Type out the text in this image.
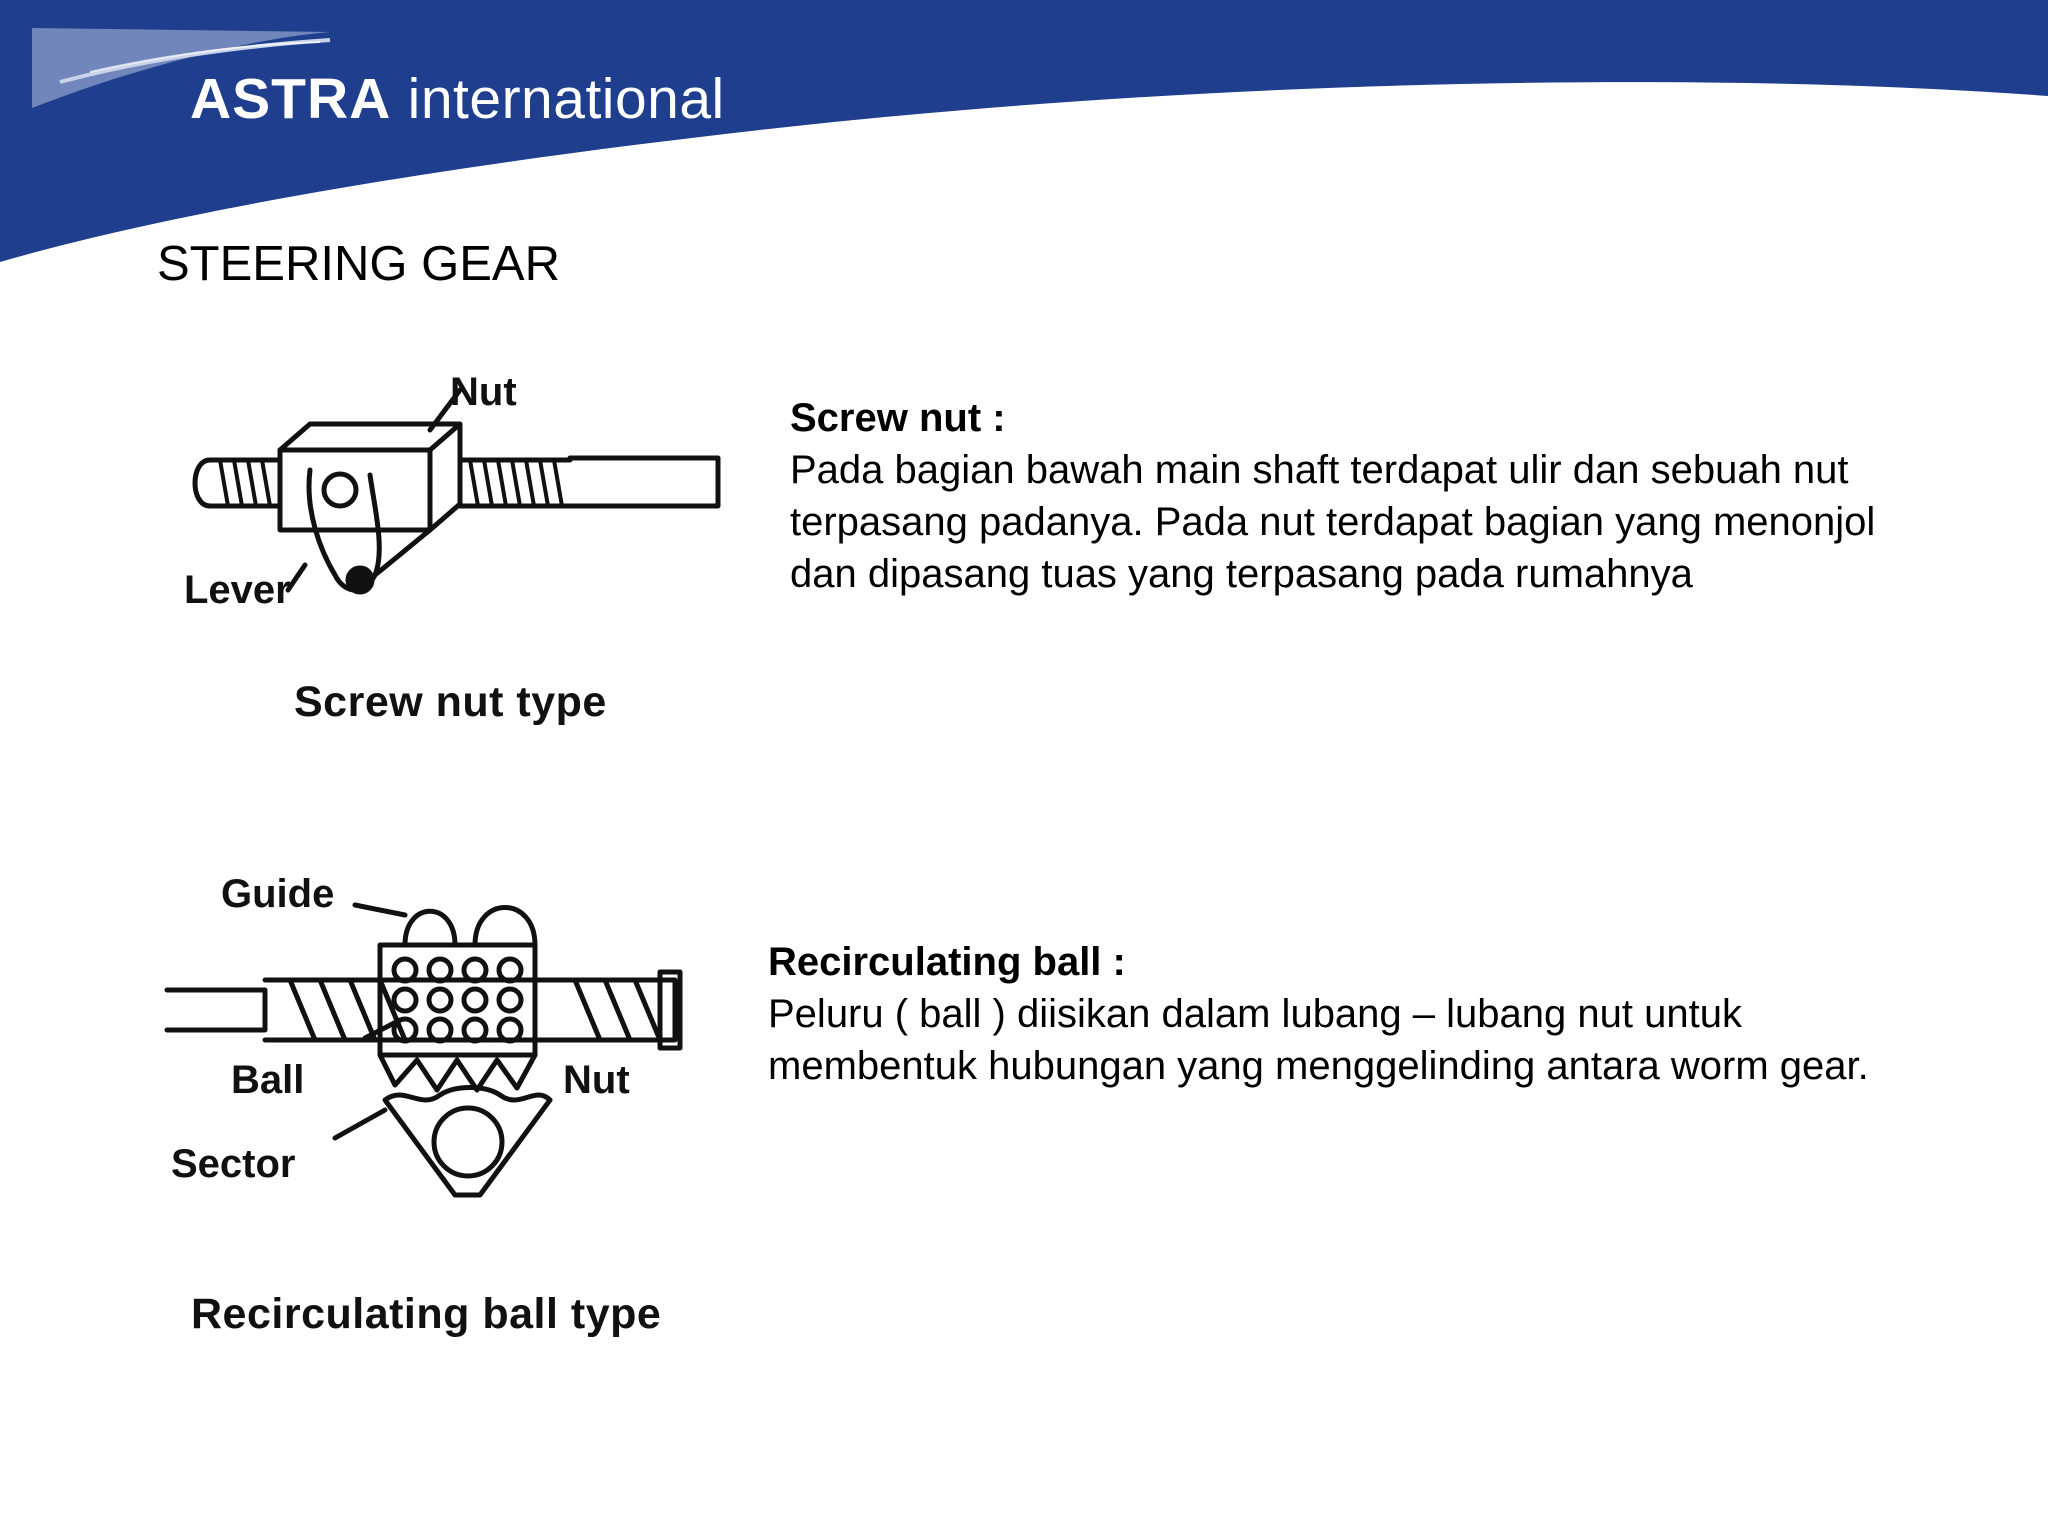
ASTRA international
STEERING GEAR
Nut
Lever
Screw nut type
Screw nut :
Pada bagian bawah main shaft terdapat ulir dan sebuah nut terpasang padanya. Pada nut terdapat bagian yang menonjol dan dipasang tuas yang terpasang pada rumahnya
Guide
Ball	Nut
Sector
Recirculating ball type
Recirculating ball :
Peluru ( ball ) diisikan dalam lubang – lubang nut untuk membentuk hubungan yang menggelinding antara worm gear.
